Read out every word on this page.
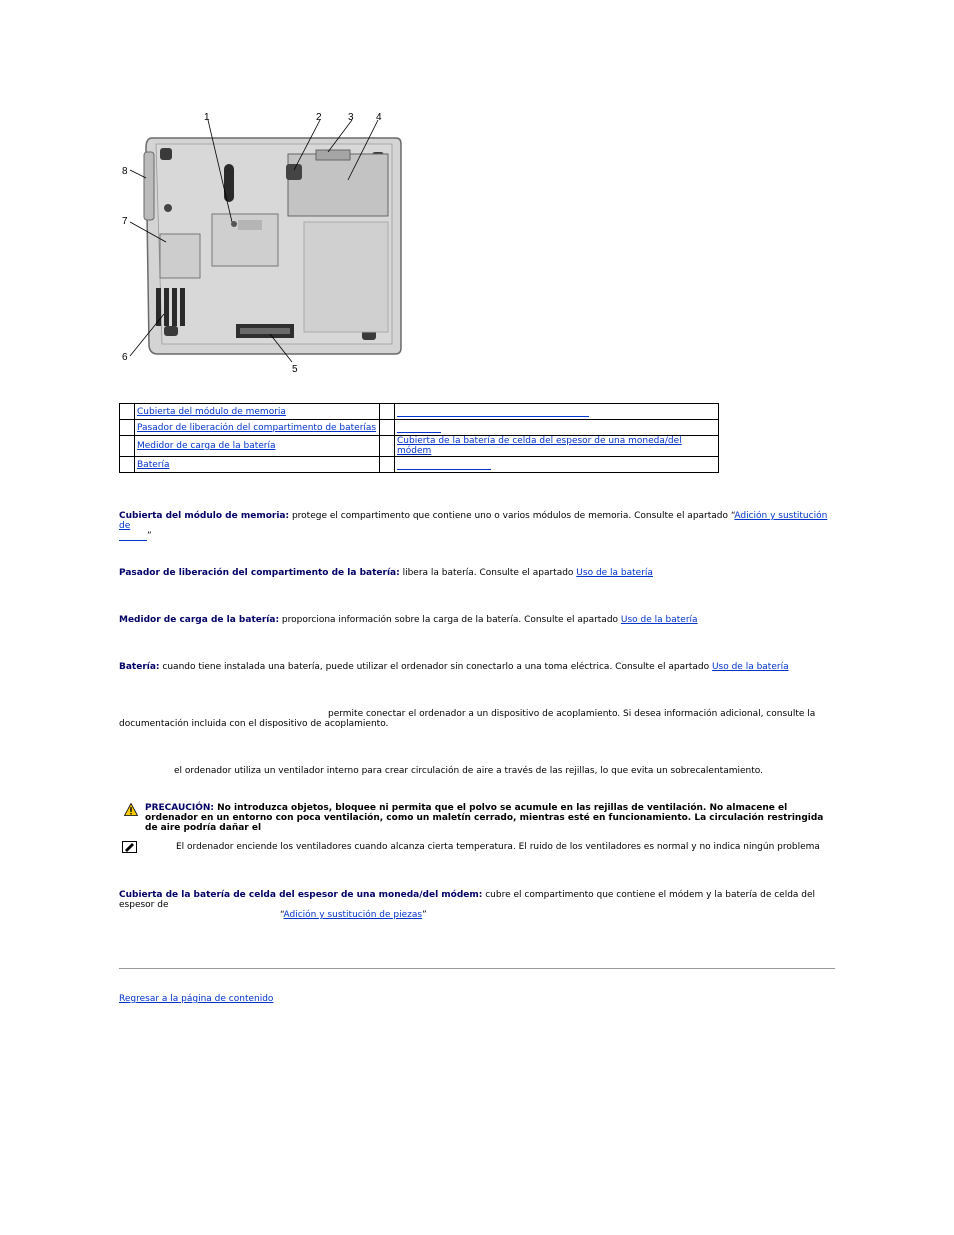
1	2	3 4
5
6
7
8
	Cubierta del módulo de memoria		
	Pasador de liberación del compartimento de baterías		
	Medidor de carga de la batería		Cubierta de la batería de celda del espesor de una moneda/del módem
	Batería		
Cubierta del módulo de memoria: protege el compartimento que contiene uno o varios módulos de memoria. Consulte el apartado “Adición y sustitución de
”
Pasador de liberación del compartimento de la batería: libera la batería. Consulte el apartado Uso de la batería
Medidor de carga de la batería: proporciona información sobre la carga de la batería. Consulte el apartado Uso de la batería
Batería: cuando tiene instalada una batería, puede utilizar el ordenador sin conectarlo a una toma eléctrica. Consulte el apartado Uso de la batería
permite conectar el ordenador a un dispositivo de acoplamiento. Si desea información adicional, consulte la
documentación incluida con el dispositivo de acoplamiento.
el ordenador utiliza un ventilador interno para crear circulación de aire a través de las rejillas, lo que evita un sobrecalentamiento.
PRECAUCIÓN: No introduzca objetos, bloquee ni permita que el polvo se acumule en las rejillas de ventilación. No almacene el ordenador en un entorno con poca ventilación, como un maletín cerrado, mientras esté en funcionamiento. La circulación restringida de aire podría dañar el
El ordenador enciende los ventiladores cuando alcanza cierta temperatura. El ruido de los ventiladores es normal y no indica ningún problema
Cubierta de la batería de celda del espesor de una moneda/del módem: cubre el compartimento que contiene el módem y la batería de celda del espesor de
“Adición y sustitución de piezas”
Regresar a la página de contenido
